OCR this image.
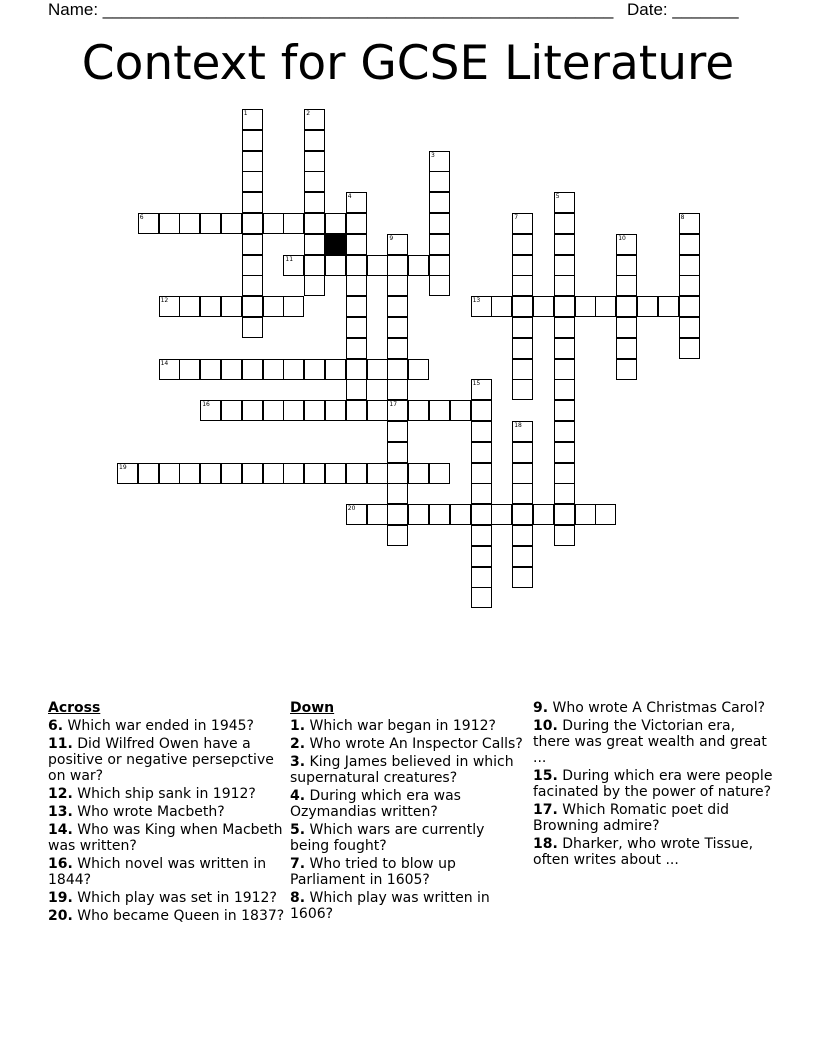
Name: ______________________________________________________ Date: _______
Context for GCSE Literature
1	2
3
4	5
6	7	8
9
17
10
11
12	13
14
15
16
18
19
20
Across
6. Which war ended in 1945?
11. Did Wilfred Owen have a positive or negative persepctive on war?
12. Which ship sank in 1912?
13. Who wrote Macbeth?
14. Who was King when Macbeth was written?
16. Which novel was written in 1844?
19. Which play was set in 1912?
20. Who became Queen in 1837?
Down
1. Which war began in 1912?
2. Who wrote An Inspector Calls?
3. King James believed in which supernatural creatures?
4. During which era was Ozymandias written?
5. Which wars are currently being fought?
7. Who tried to blow up Parliament in 1605?
8. Which play was written in 1606?
9. Who wrote A Christmas Carol?
10. During the Victorian era, there was great wealth and great ...
15. During which era were people facinated by the power of nature?
17. Which Romatic poet did Browning admire?
18. Dharker, who wrote Tissue, often writes about ...
